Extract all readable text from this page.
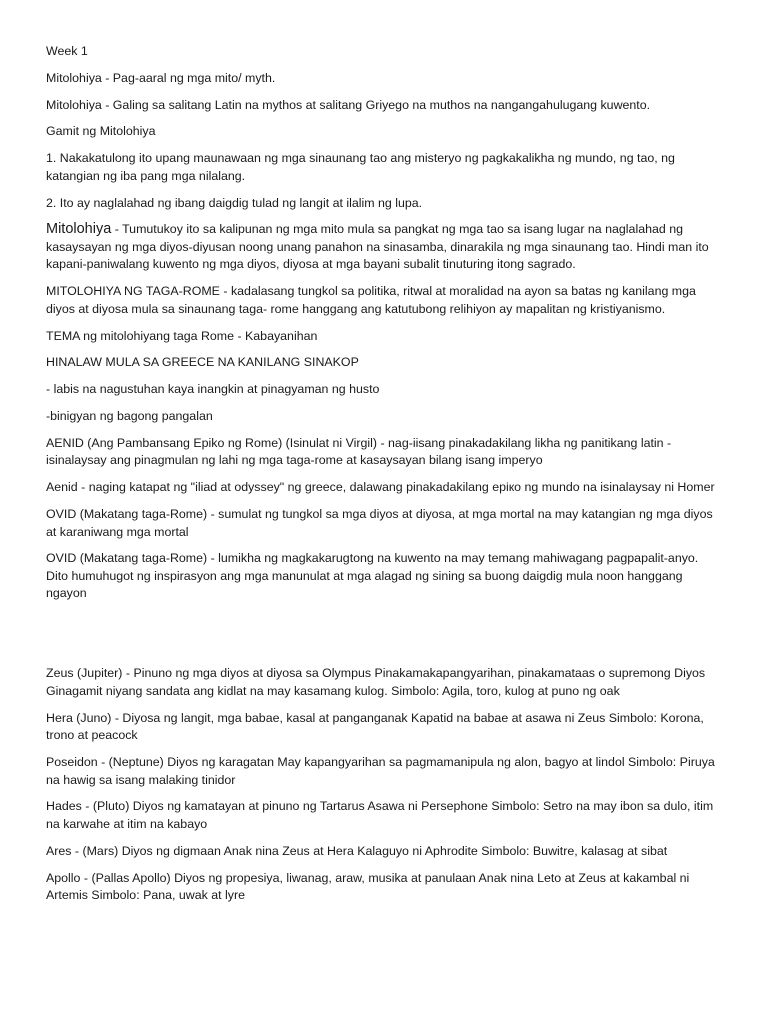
Week 1

Mitolohiya - Pag-aaral ng mga mito/ myth.

Mitolohiya - Galing sa salitang Latin na mythos at salitang Griyego na muthos na nangangahulugang kuwento.

Gamit ng Mitolohiya

1. Nakakatulong ito upang maunawaan ng mga sinaunang tao ang misteryo ng pagkakalikha ng mundo, ng tao, ng katangian ng iba pang mga nilalang.

2. Ito ay naglalahad ng ibang daigdig tulad ng langit at ilalim ng lupa.

Mitolohiya - Tumutukoy ito sa kalipunan ng mga mito mula sa pangkat ng mga tao sa isang lugar na naglalahad ng kasaysayan ng mga diyos-diyusan noong unang panahon na sinasamba, dinarakila ng mga sinaunang tao. Hindi man ito kapani-paniwalang kuwento ng mga diyos, diyosa at mga bayani subalit tinuturing itong sagrado.

MITOLOHIYA NG TAGA-ROME - kadalasang tungkol sa politika, ritwal at moralidad na ayon sa batas ng kanilang mga diyos at diyosa mula sa sinaunang taga- rome hanggang ang katutubong relihiyon ay mapalitan ng kristiyanismo.

TEMA ng mitolohiyang taga Rome - Kabayanihan

HINALAW MULA SA GREECE NA KANILANG SINAKOP

- labis na nagustuhan kaya inangkin at pinagyaman ng husto

-binigyan ng bagong pangalan

AENID (Ang Pambansang Epiko ng Rome) (Isinulat ni Virgil) - nag-iisang pinakadakilang likha ng panitikang latin - isinalaysay ang pinagmulan ng lahi ng mga taga-rome at kasaysayan bilang isang imperyo

Aenid - naging katapat ng "iliad at odyssey" ng greece, dalawang pinakadakilang ерікo ng mundo na isinalaysay ni Homer

OVID (Makatang taga-Rome) - sumulat ng tungkol sa mga diyos at diyosa, at mga mortal na may katangian ng mga diyos at karaniwang mga mortal

OVID (Makatang taga-Rome) - lumikha ng magkakarugtong na kuwento na may temang mahiwagang pagpapalit-anyo. Dito humuhugot ng inspirasyon ang mga manunulat at mga alagad ng sining sa buong daigdig mula noon hanggang ngayon

Zeus (Jupiter) - Pinuno ng mga diyos at diyosa sa Olympus Pinakamakapangyarihan, pinakamataas o supremong Diyos Ginagamit niyang sandata ang kidlat na may kasamang kulog. Simbolo: Agila, toro, kulog at puno ng oak

Hera (Juno) - Diyosa ng langit, mga babae, kasal at panganganak Kapatid na babae at asawa ni Zeus Simbolo: Korona, trono at peacock

Poseidon - (Neptune) Diyos ng karagatan May kapangyarihan sa pagmamanipula ng alon, bagyo at lindol Simbolo: Piruya na hawig sa isang malaking tinidor

Hades - (Pluto) Diyos ng kamatayan at pinuno ng Tartarus Asawa ni Persephone Simbolo: Setro na may ibon sa dulo, itim na karwahe at itim na kabayo

Ares - (Mars) Diyos ng digmaan Anak nina Zeus at Hera Kalaguyo ni Aphrodite Simbolo: Buwitre, kalasag at sibat

Apollo - (Pallas Apollo) Diyos ng propesiya, liwanag, araw, musika at panulaan Anak nina Leto at Zeus at kakambal ni Artemis Simbolo: Pana, uwak at lyre
